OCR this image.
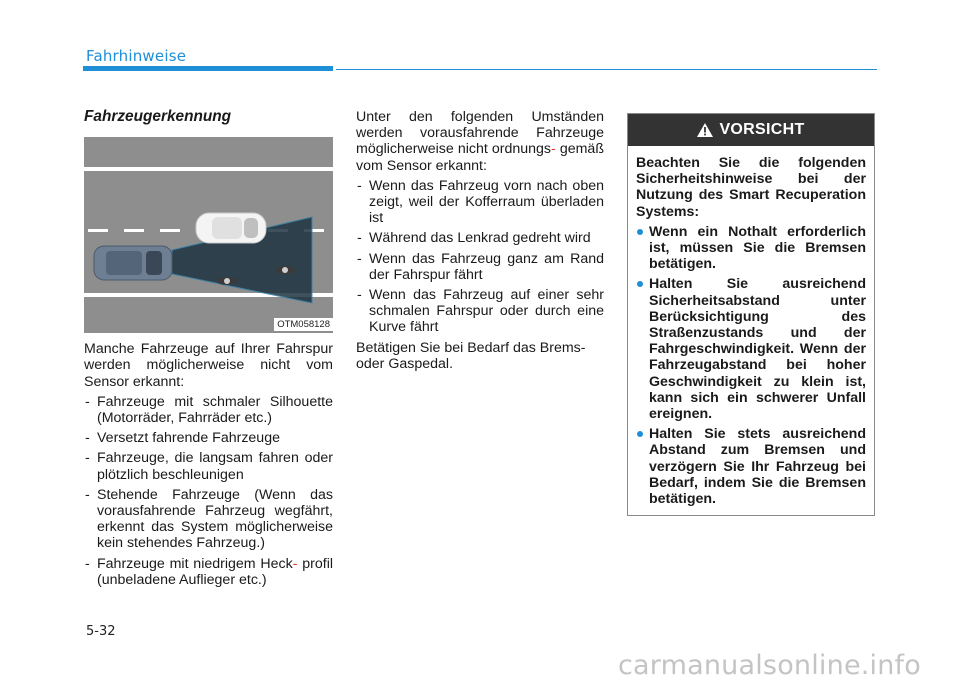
Fahrhinweise
Fahrzeugerkennung
OTM058128

Manche Fahrzeuge auf Ihrer Fahrspur werden möglicherweise nicht vom Sensor erkannt:

- Fahrzeuge mit schmaler Silhouette (Motorräder, Fahrräder etc.)
- Versetzt fahrende Fahrzeuge
- Fahrzeuge, die langsam fahren oder plötzlich beschleunigen
- Stehende Fahrzeuge (Wenn das vorausfahrende Fahrzeug wegfährt, erkennt das System möglicherweise kein stehendes Fahrzeug.)
- Fahrzeuge mit niedrigem Heck- profil (unbeladene Auflieger etc.)

Unter den folgenden Umständen werden vorausfahrende Fahrzeuge möglicherweise nicht ordnungs- gemäß vom Sensor erkannt:

- Wenn das Fahrzeug vorn nach oben zeigt, weil der Kofferraum überladen ist
- Während das Lenkrad gedreht wird
- Wenn das Fahrzeug ganz am Rand der Fahrspur fährt
- Wenn das Fahrzeug auf einer sehr schmalen Fahrspur oder durch eine Kurve fährt

Betätigen Sie bei Bedarf das Brems- oder Gaspedal.

VORSICHT

Beachten Sie die folgenden Sicherheitshinweise bei der Nutzung des Smart Recuperation Systems:

Wenn ein Nothalt erforderlich ist, müssen Sie die Bremsen betätigen.
Halten Sie ausreichend Sicherheitsabstand unter Berücksichtigung des Straßenzustands und der Fahrgeschwindigkeit. Wenn der Fahrzeugabstand bei hoher Geschwindigkeit zu klein ist, kann sich ein schwerer Unfall ereignen.
Halten Sie stets ausreichend Abstand zum Bremsen und verzögern Sie Ihr Fahrzeug bei Bedarf, indem Sie die Bremsen betätigen.
5-32
carmanualsonline.info
